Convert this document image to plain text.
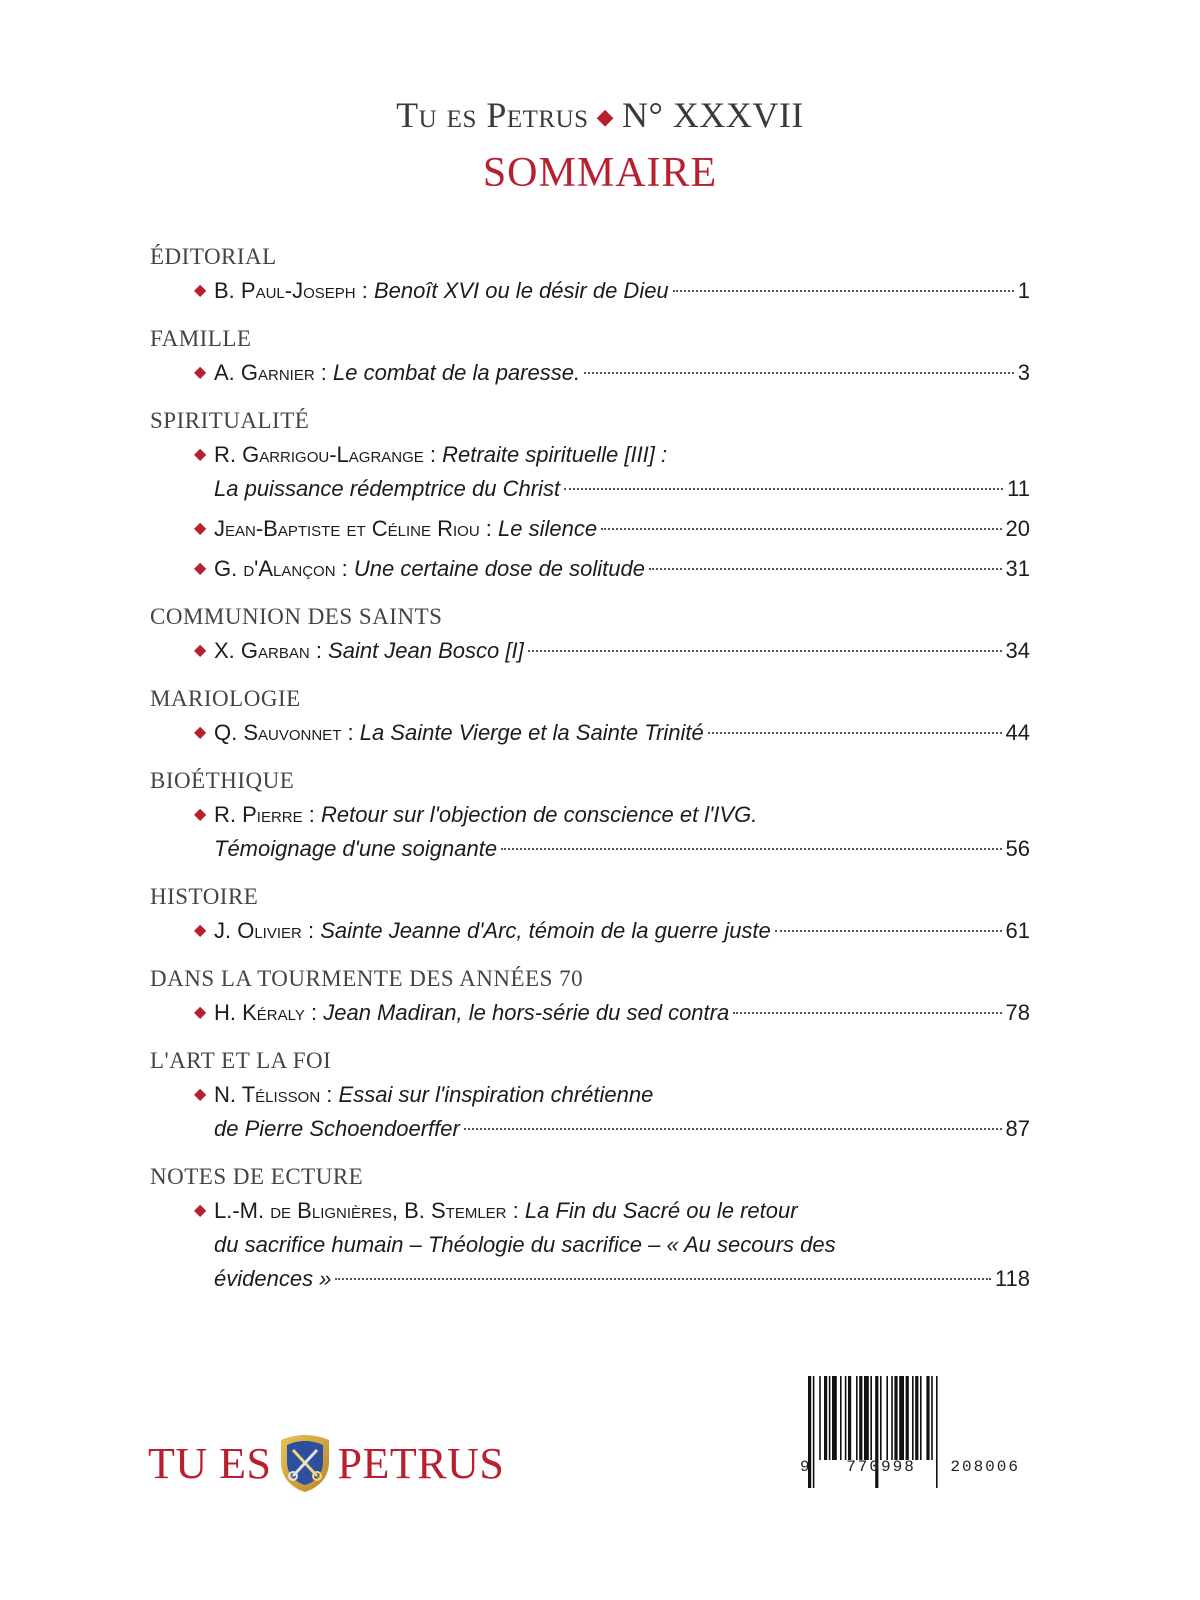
Tu es Petrus ◆ N° XXXVII
SOMMAIRE
ÉDITORIAL
◆ B. Paul-Joseph : Benoît XVI ou le désir de Dieu	1
FAMILLE
◆ A. Garnier : Le combat de la paresse.	3
SPIRITUALITÉ
◆ R. Garrigou-Lagrange : Retraite spirituelle [III] :
La puissance rédemptrice du Christ	11
◆ Jean-Baptiste et Céline Riou : Le silence	20
◆ G. d'Alançon : Une certaine dose de solitude	31
COMMUNION DES SAINTS
◆ X. Garban : Saint Jean Bosco [I]	34
MARIOLOGIE
◆ Q. Sauvonnet : La Sainte Vierge et la Sainte Trinité	44
BIOÉTHIQUE
◆ R. Pierre : Retour sur l'objection de conscience et l'IVG.
Témoignage d'une soignante	56
HISTOIRE
◆ J. Olivier : Sainte Jeanne d'Arc, témoin de la guerre juste	61
DANS LA TOURMENTE DES ANNÉES 70
◆ H. Kéraly : Jean Madiran, le hors-série du sed contra	78
L'ART ET LA FOI
◆ N. Télisson : Essai sur l'inspiration chrétienne
de Pierre Schoendoerffer	87
NOTES DE ECTURE
◆ L.-M. de Blignières, B. Stemler : La Fin du Sacré ou le retour
du sacrifice humain – Théologie du sacrifice – « Au secours des
évidences »	118
TU ES PETRUS	9 770998 208006
